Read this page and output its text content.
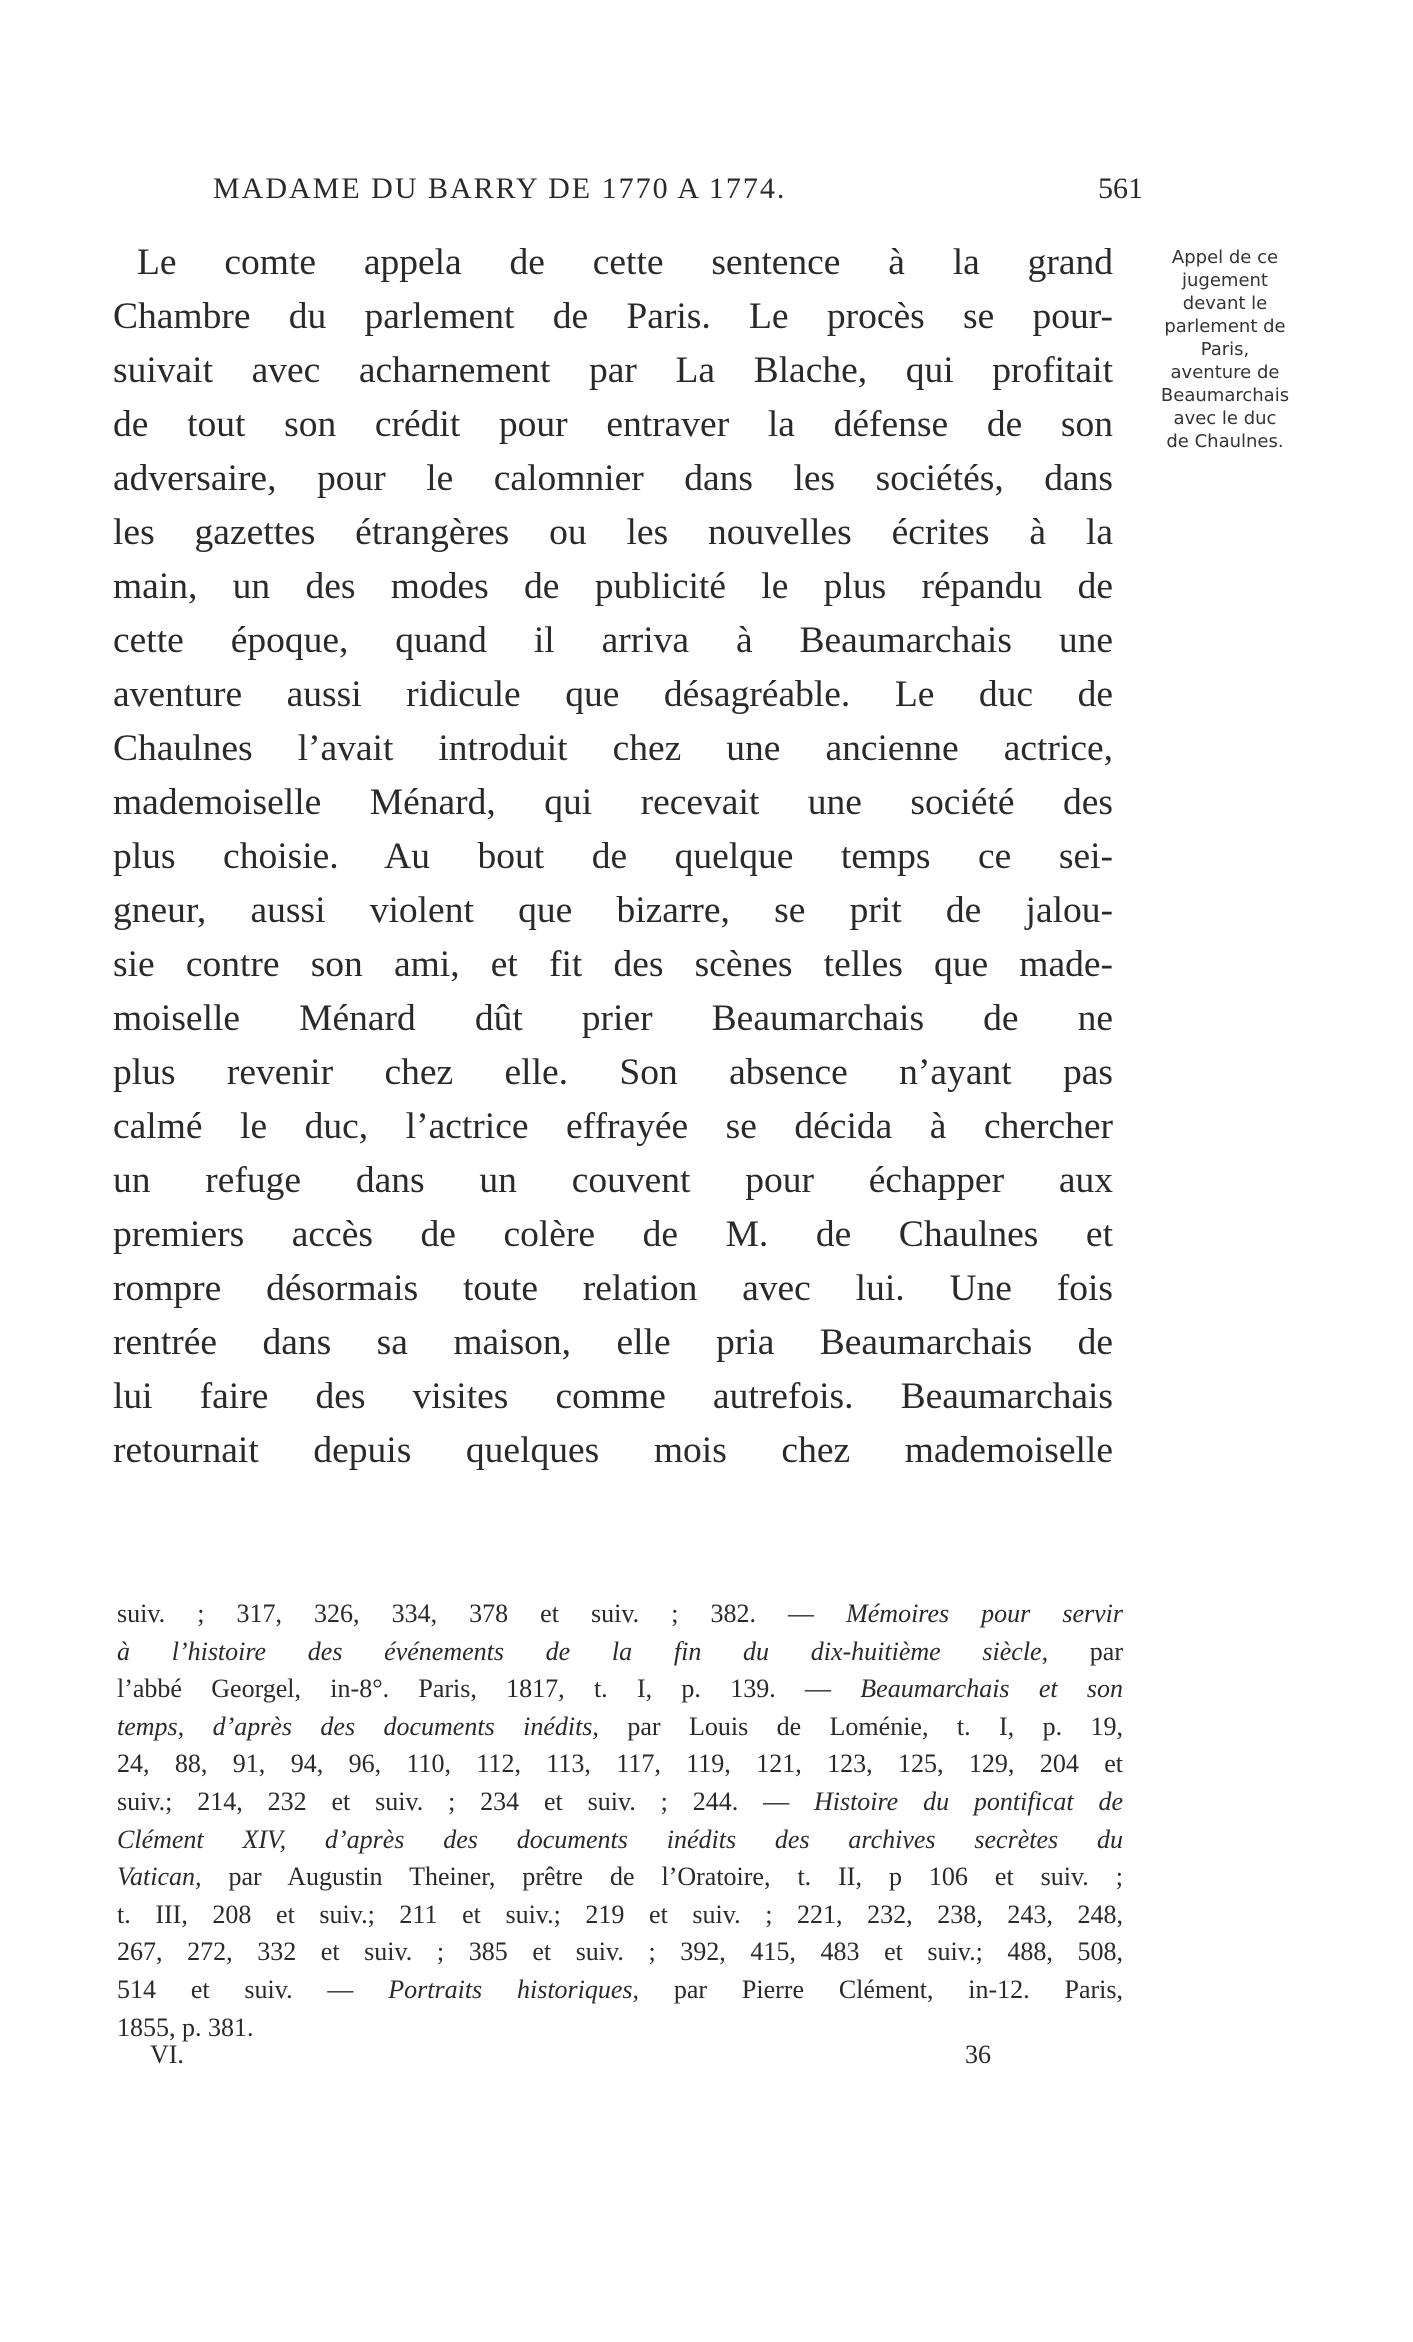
MADAME DU BARRY DE 1770 A 1774.	561
Le comte appela de cette sentence à la grand
Chambre du parlement de Paris. Le procès se pour-
suivait avec acharnement par La Blache, qui profitait
de tout son crédit pour entraver la défense de son
adversaire, pour le calomnier dans les sociétés, dans
les gazettes étrangères ou les nouvelles écrites à la
main, un des modes de publicité le plus répandu de
cette époque, quand il arriva à Beaumarchais une
aventure aussi ridicule que désagréable. Le duc de
Chaulnes l’avait introduit chez une ancienne actrice,
mademoiselle Ménard, qui recevait une société des
plus choisie. Au bout de quelque temps ce sei-
gneur, aussi violent que bizarre, se prit de jalou-
sie contre son ami, et fit des scènes telles que made-
moiselle Ménard dût prier Beaumarchais de ne
plus revenir chez elle. Son absence n’ayant pas
calmé le duc, l’actrice effrayée se décida à chercher
un refuge dans un couvent pour échapper aux
premiers accès de colère de M. de Chaulnes et
rompre désormais toute relation avec lui. Une fois
rentrée dans sa maison, elle pria Beaumarchais de
lui faire des visites comme autrefois. Beaumarchais
retournait depuis quelques mois chez mademoiselle
Appel de ce
jugement
devant le
parlement de
Paris,
aventure de
Beaumarchais
avec le duc
de Chaulnes.
suiv. ; 317, 326, 334, 378 et suiv. ; 382. — Mémoires pour servir
à l’histoire des événements de la fin du dix-huitième siècle, par
l’abbé Georgel, in-8°. Paris, 1817, t. I, p. 139. — Beaumarchais et son
temps, d’après des documents inédits, par Louis de Loménie, t. I, p. 19,
24, 88, 91, 94, 96, 110, 112, 113, 117, 119, 121, 123, 125, 129, 204 et
suiv.; 214, 232 et suiv. ; 234 et suiv. ; 244. — Histoire du pontificat de
Clément XIV, d’après des documents inédits des archives secrètes du
Vatican, par Augustin Theiner, prêtre de l’Oratoire, t. II, p 106 et suiv. ;
t. III, 208 et suiv.; 211 et suiv.; 219 et suiv. ; 221, 232, 238, 243, 248,
267, 272, 332 et suiv. ; 385 et suiv. ; 392, 415, 483 et suiv.; 488, 508,
514 et suiv. — Portraits historiques, par Pierre Clément, in-12. Paris,
1855, p. 381.
VI.	36
